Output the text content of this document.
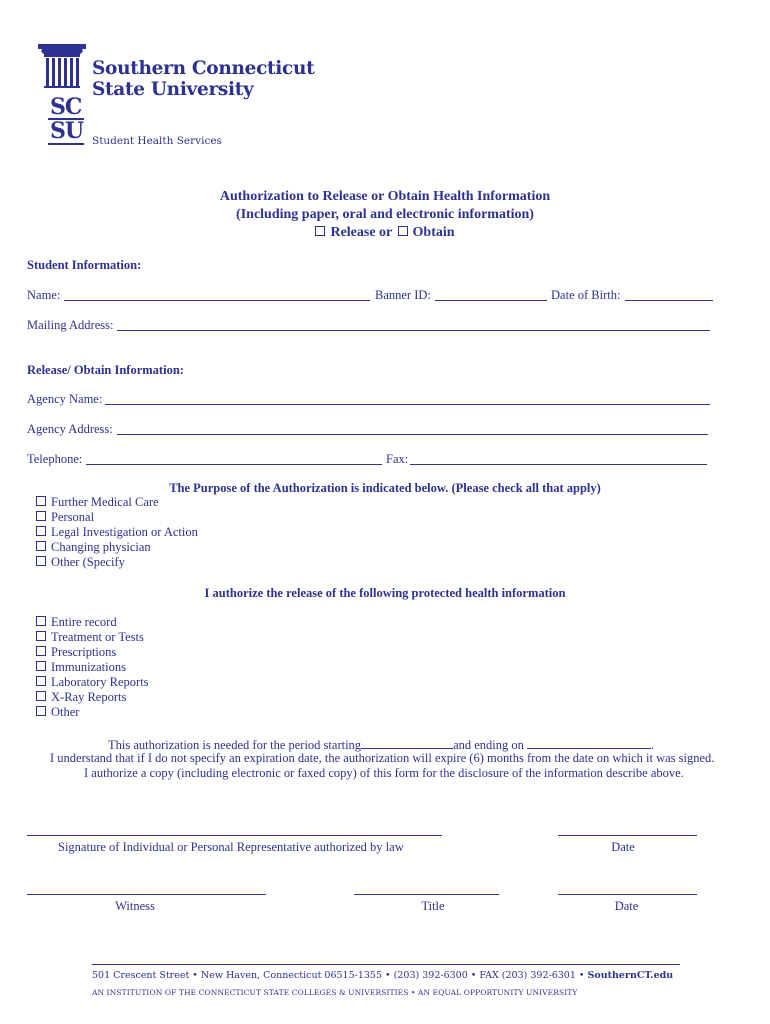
SC
SU
Southern Connecticut
State University
Student Health Services
Authorization to Release or Obtain Health Information
(Including paper, oral and electronic information)
Release or Obtain
Student Information:
Name:	Banner ID:	Date of Birth:
Mailing Address:
Release/ Obtain Information:
Agency Name:
Agency Address:
Telephone:	Fax:
The Purpose of the Authorization is indicated below. (Please check all that apply)
Further Medical Care
Personal
Legal Investigation or Action
Changing physician
Other (Specify
I authorize the release of the following protected health information
Entire record
Treatment or Tests
Prescriptions
Immunizations
Laboratory Reports
X-Ray Reports
Other
This authorization is needed for the period starting	and ending on	.
I understand that if I do not specify an expiration date, the authorization will expire (6) months from the date on which it was signed.
I authorize a copy (including electronic or faxed copy) of this form for the disclosure of the information describe above.
Signature of Individual or Personal Representative authorized by law	Date
Witness	Title	Date
501 Crescent Street • New Haven, Connecticut 06515-1355 • (203) 392-6300 • FAX (203) 392-6301 • SouthernCT.edu
AN INSTITUTION OF THE CONNECTICUT STATE COLLEGES & UNIVERSITIES • AN EQUAL OPPORTUNITY UNIVERSITY
